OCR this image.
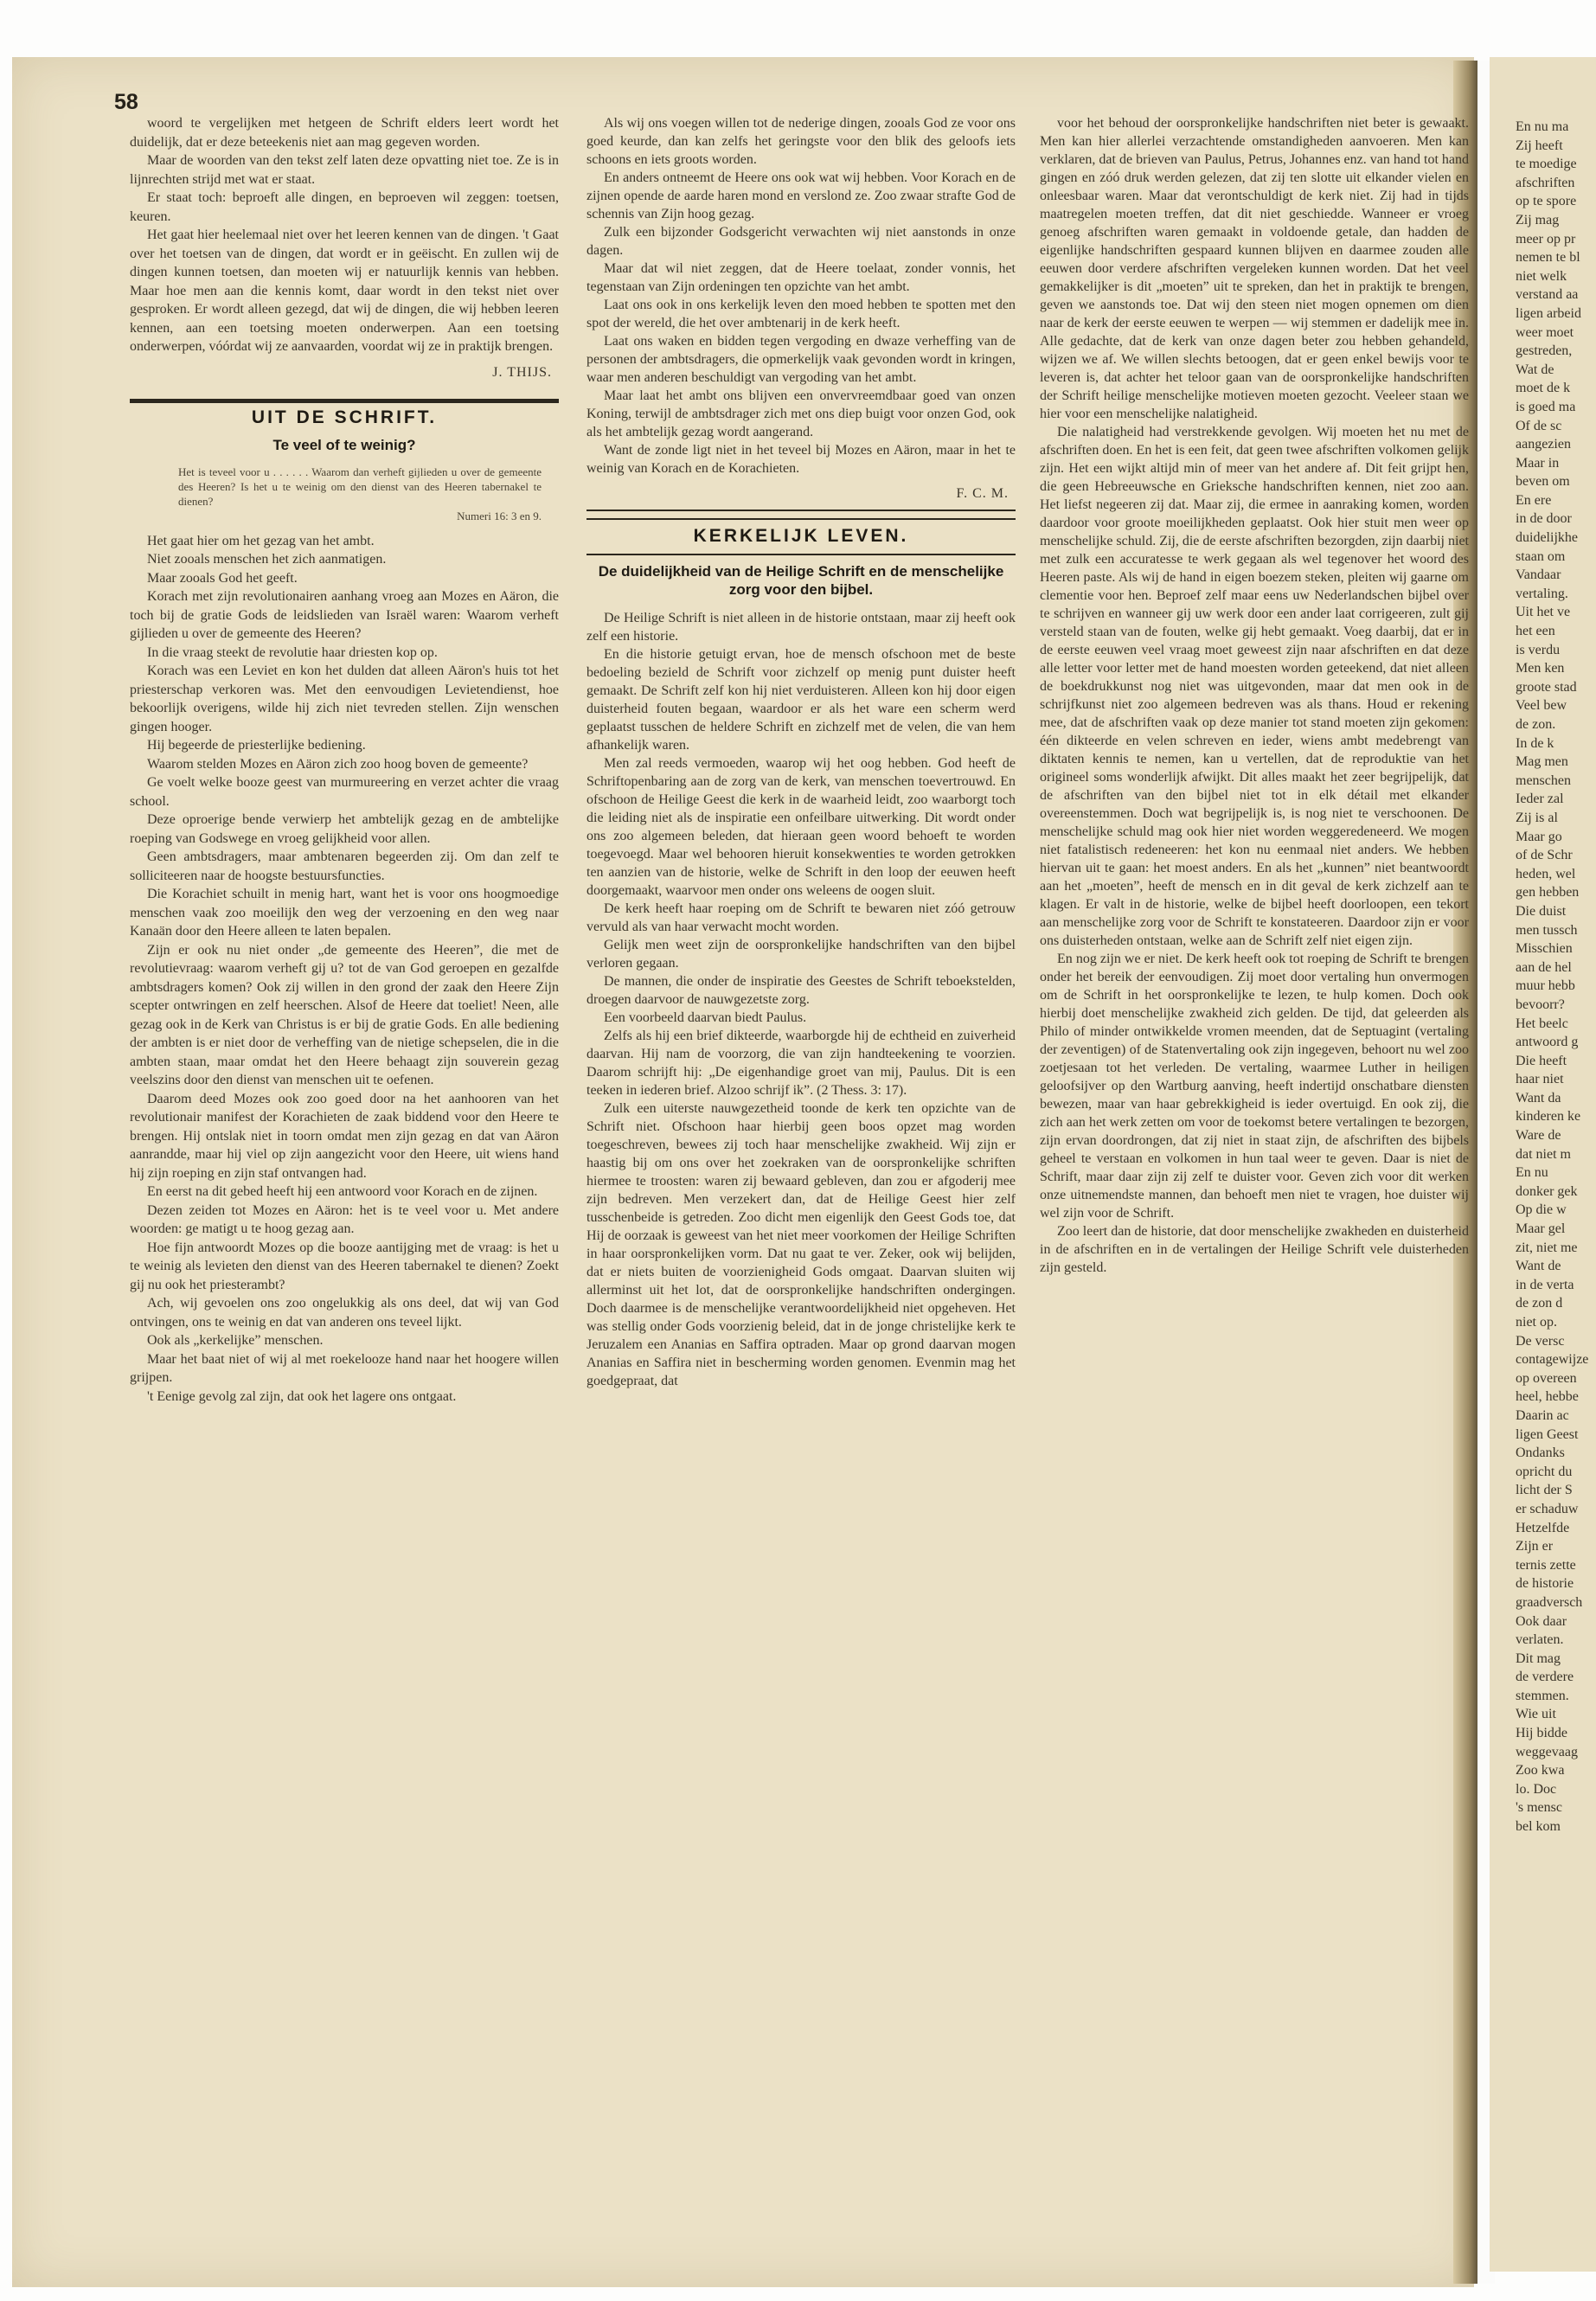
58

woord te vergelijken met hetgeen de Schrift elders leert wordt het duidelijk, dat er deze beteekenis niet aan mag gegeven worden.

Maar de woorden van den tekst zelf laten deze opvatting niet toe. Ze is in lijnrechten strijd met wat er staat.

Er staat toch: beproeft alle dingen, en beproeven wil zeggen: toetsen, keuren.

Het gaat hier heelemaal niet over het leeren kennen van de dingen. 't Gaat over het toetsen van de dingen, dat wordt er in geëischt. En zullen wij de dingen kunnen toetsen, dan moeten wij er natuurlijk kennis van hebben. Maar hoe men aan die kennis komt, daar wordt in den tekst niet over gesproken. Er wordt alleen gezegd, dat wij de dingen, die wij hebben leeren kennen, aan een toetsing moeten onderwerpen. Aan een toetsing onderwerpen, vóórdat wij ze aanvaarden, voordat wij ze in praktijk brengen.

J. THIJS.
UIT DE SCHRIFT.
Te veel of te weinig?
Het is teveel voor u . . . . . . Waarom dan verheft gijlieden u over de gemeente des Heeren? Is het u te weinig om den dienst van des Heeren tabernakel te dienen?
Numeri 16: 3 en 9.

Het gaat hier om het gezag van het ambt.

Niet zooals menschen het zich aanmatigen.

Maar zooals God het geeft.

Korach met zijn revolutionairen aanhang vroeg aan Mozes en Aäron, die toch bij de gratie Gods de leidslieden van Israël waren: Waarom verheft gijlieden u over de gemeente des Heeren?

In die vraag steekt de revolutie haar driesten kop op.

Korach was een Leviet en kon het dulden dat alleen Aäron's huis tot het priesterschap verkoren was. Met den eenvoudigen Levietendienst, hoe bekoorlijk overigens, wilde hij zich niet tevreden stellen. Zijn wenschen gingen hooger.

Hij begeerde de priesterlijke bediening.

Waarom stelden Mozes en Aäron zich zoo hoog boven de gemeente?

Ge voelt welke booze geest van murmureering en verzet achter die vraag school.

Deze oproerige bende verwierp het ambtelijk gezag en de ambtelijke roeping van Godswege en vroeg gelijkheid voor allen.

Geen ambtsdragers, maar ambtenaren begeerden zij. Om dan zelf te solliciteeren naar de hoogste bestuursfuncties.

Die Korachiet schuilt in menig hart, want het is voor ons hoogmoedige menschen vaak zoo moeilijk den weg der verzoening en den weg naar Kanaän door den Heere alleen te laten bepalen.

Zijn er ook nu niet onder „de gemeente des Heeren”, die met de revolutievraag: waarom verheft gij u? tot de van God geroepen en gezalfde ambtsdragers komen? Ook zij willen in den grond der zaak den Heere Zijn scepter ontwringen en zelf heerschen. Alsof de Heere dat toeliet! Neen, alle gezag ook in de Kerk van Christus is er bij de gratie Gods. En alle bediening der ambten is er niet door de verheffing van de nietige schepselen, die in die ambten staan, maar omdat het den Heere behaagt zijn souverein gezag veelszins door den dienst van menschen uit te oefenen.

Daarom deed Mozes ook zoo goed door na het aanhooren van het revolutionair manifest der Korachieten de zaak biddend voor den Heere te brengen. Hij ontslak niet in toorn omdat men zijn gezag en dat van Aäron aanrandde, maar hij viel op zijn aangezicht voor den Heere, uit wiens hand hij zijn roeping en zijn staf ontvangen had.

En eerst na dit gebed heeft hij een antwoord voor Korach en de zijnen.

Dezen zeiden tot Mozes en Aäron: het is te veel voor u. Met andere woorden: ge matigt u te hoog gezag aan.

Hoe fijn antwoordt Mozes op die booze aantijging met de vraag: is het u te weinig als levieten den dienst van des Heeren tabernakel te dienen? Zoekt gij nu ook het priesterambt?

Ach, wij gevoelen ons zoo ongelukkig als ons deel, dat wij van God ontvingen, ons te weinig en dat van anderen ons teveel lijkt.

Ook als „kerkelijke” menschen.

Maar het baat niet of wij al met roekelooze hand naar het hoogere willen grijpen.

't Eenige gevolg zal zijn, dat ook het lagere ons ontgaat.

Als wij ons voegen willen tot de nederige dingen, zooals God ze voor ons goed keurde, dan kan zelfs het geringste voor den blik des geloofs iets schoons en iets groots worden.

En anders ontneemt de Heere ons ook wat wij hebben. Voor Korach en de zijnen opende de aarde haren mond en verslond ze. Zoo zwaar strafte God de schennis van Zijn hoog gezag.

Zulk een bijzonder Godsgericht verwachten wij niet aanstonds in onze dagen.

Maar dat wil niet zeggen, dat de Heere toelaat, zonder vonnis, het tegenstaan van Zijn ordeningen ten opzichte van het ambt.

Laat ons ook in ons kerkelijk leven den moed hebben te spotten met den spot der wereld, die het over ambtenarij in de kerk heeft.

Laat ons waken en bidden tegen vergoding en dwaze verheffing van de personen der ambtsdragers, die opmerkelijk vaak gevonden wordt in kringen, waar men anderen beschuldigt van vergoding van het ambt.

Maar laat het ambt ons blijven een onvervreemdbaar goed van onzen Koning, terwijl de ambtsdrager zich met ons diep buigt voor onzen God, ook als het ambtelijk gezag wordt aangerand.

Want de zonde ligt niet in het teveel bij Mozes en Aäron, maar in het te weinig van Korach en de Korachieten.

F. C. M.
KERKELIJK LEVEN.
De duidelijkheid van de Heilige Schrift en de menschelijke zorg voor den bijbel.

De Heilige Schrift is niet alleen in de historie ontstaan, maar zij heeft ook zelf een historie.

En die historie getuigt ervan, hoe de mensch ofschoon met de beste bedoeling bezield de Schrift voor zichzelf op menig punt duister heeft gemaakt. De Schrift zelf kon hij niet verduisteren. Alleen kon hij door eigen duisterheid fouten begaan, waardoor er als het ware een scherm werd geplaatst tusschen de heldere Schrift en zichzelf met de velen, die van hem afhankelijk waren.

Men zal reeds vermoeden, waarop wij het oog hebben. God heeft de Schriftopenbaring aan de zorg van de kerk, van menschen toevertrouwd. En ofschoon de Heilige Geest die kerk in de waarheid leidt, zoo waarborgt toch die leiding niet als de inspiratie een onfeilbare uitwerking. Dit wordt onder ons zoo algemeen beleden, dat hieraan geen woord behoeft te worden toegevoegd. Maar wel behooren hieruit konsekwenties te worden getrokken ten aanzien van de historie, welke de Schrift in den loop der eeuwen heeft doorgemaakt, waarvoor men onder ons weleens de oogen sluit.

De kerk heeft haar roeping om de Schrift te bewaren niet zóó getrouw vervuld als van haar verwacht mocht worden.

Gelijk men weet zijn de oorspronkelijke handschriften van den bijbel verloren gegaan.

De mannen, die onder de inspiratie des Geestes de Schrift teboekstelden, droegen daarvoor de nauwgezetste zorg.

Een voorbeeld daarvan biedt Paulus.

Zelfs als hij een brief dikteerde, waarborgde hij de echtheid en zuiverheid daarvan. Hij nam de voorzorg, die van zijn handteekening te voorzien. Daarom schrijft hij: „De eigenhandige groet van mij, Paulus. Dit is een teeken in iederen brief. Alzoo schrijf ik”. (2 Thess. 3: 17).

Zulk een uiterste nauwgezetheid toonde de kerk ten opzichte van de Schrift niet. Ofschoon haar hierbij geen boos opzet mag worden toegeschreven, bewees zij toch haar menschelijke zwakheid. Wij zijn er haastig bij om ons over het zoekraken van de oorspronkelijke schriften hiermee te troosten: waren zij bewaard gebleven, dan zou er afgoderij mee zijn bedreven. Men verzekert dan, dat de Heilige Geest hier zelf tusschenbeide is getreden. Zoo dicht men eigenlijk den Geest Gods toe, dat Hij de oorzaak is geweest van het niet meer voorkomen der Heilige Schriften in haar oorspronkelijken vorm. Dat nu gaat te ver. Zeker, ook wij belijden, dat er niets buiten de voorzienigheid Gods omgaat. Daarvan sluiten wij allerminst uit het lot, dat de oorspronkelijke handschriften ondergingen. Doch daarmee is de menschelijke verantwoordelijkheid niet opgeheven. Het was stellig onder Gods voorzienig beleid, dat in de jonge christelijke kerk te Jeruzalem een Ananias en Saffira optraden. Maar op grond daarvan mogen Ananias en Saffira niet in bescherming worden genomen. Evenmin mag het goedgepraat, dat

voor het behoud der oorspronkelijke handschriften niet beter is gewaakt. Men kan hier allerlei verzachtende omstandigheden aanvoeren. Men kan verklaren, dat de brieven van Paulus, Petrus, Johannes enz. van hand tot hand gingen en zóó druk werden gelezen, dat zij ten slotte uit elkander vielen en onleesbaar waren. Maar dat verontschuldigt de kerk niet. Zij had in tijds maatregelen moeten treffen, dat dit niet geschiedde. Wanneer er vroeg genoeg afschriften waren gemaakt in voldoende getale, dan hadden de eigenlijke handschriften gespaard kunnen blijven en daarmee zouden alle eeuwen door verdere afschriften vergeleken kunnen worden. Dat het veel gemakkelijker is dit „moeten” uit te spreken, dan het in praktijk te brengen, geven we aanstonds toe. Dat wij den steen niet mogen opnemen om dien naar de kerk der eerste eeuwen te werpen — wij stemmen er dadelijk mee in. Alle gedachte, dat de kerk van onze dagen beter zou hebben gehandeld, wijzen we af. We willen slechts betoogen, dat er geen enkel bewijs voor te leveren is, dat achter het teloor gaan van de oorspronkelijke handschriften der Schrift heilige menschelijke motieven moeten gezocht. Veeleer staan we hier voor een menschelijke nalatigheid.

Die nalatigheid had verstrekkende gevolgen. Wij moeten het nu met de afschriften doen. En het is een feit, dat geen twee afschriften volkomen gelijk zijn. Het een wijkt altijd min of meer van het andere af. Dit feit grijpt hen, die geen Hebreeuwsche en Grieksche handschriften kennen, niet zoo aan. Het liefst negeeren zij dat. Maar zij, die ermee in aanraking komen, worden daardoor voor groote moeilijkheden geplaatst. Ook hier stuit men weer op menschelijke schuld. Zij, die de eerste afschriften bezorgden, zijn daarbij niet met zulk een accuratesse te werk gegaan als wel tegenover het woord des Heeren paste. Als wij de hand in eigen boezem steken, pleiten wij gaarne om clementie voor hen. Beproef zelf maar eens uw Nederlandschen bijbel over te schrijven en wanneer gij uw werk door een ander laat corrigeeren, zult gij versteld staan van de fouten, welke gij hebt gemaakt. Voeg daarbij, dat er in de eerste eeuwen veel vraag moet geweest zijn naar afschriften en dat deze alle letter voor letter met de hand moesten worden geteekend, dat niet alleen de boekdrukkunst nog niet was uitgevonden, maar dat men ook in de schrijfkunst niet zoo algemeen bedreven was als thans. Houd er rekening mee, dat de afschriften vaak op deze manier tot stand moeten zijn gekomen: één dikteerde en velen schreven en ieder, wiens ambt medebrengt van diktaten kennis te nemen, kan u vertellen, dat de reproduktie van het origineel soms wonderlijk afwijkt. Dit alles maakt het zeer begrijpelijk, dat de afschriften van den bijbel niet tot in elk détail met elkander overeenstemmen. Doch wat begrijpelijk is, is nog niet te verschoonen. De menschelijke schuld mag ook hier niet worden weggeredeneerd. We mogen niet fatalistisch redeneeren: het kon nu eenmaal niet anders. We hebben hiervan uit te gaan: het moest anders. En als het „kunnen” niet beantwoordt aan het „moeten”, heeft de mensch en in dit geval de kerk zichzelf aan te klagen. Er valt in de historie, welke de bijbel heeft doorloopen, een tekort aan menschelijke zorg voor de Schrift te konstateeren. Daardoor zijn er voor ons duisterheden ontstaan, welke aan de Schrift zelf niet eigen zijn.

En nog zijn we er niet. De kerk heeft ook tot roeping de Schrift te brengen onder het bereik der eenvoudigen. Zij moet door vertaling hun onvermogen om de Schrift in het oorspronkelijke te lezen, te hulp komen. Doch ook hierbij doet menschelijke zwakheid zich gelden. De tijd, dat geleerden als Philo of minder ontwikkelde vromen meenden, dat de Septuagint (vertaling der zeventigen) of de Statenvertaling ook zijn ingegeven, behoort nu wel zoo zoetjesaan tot het verleden. De vertaling, waarmee Luther in heiligen geloofsijver op den Wartburg aanving, heeft indertijd onschatbare diensten bewezen, maar van haar gebrekkigheid is ieder overtuigd. En ook zij, die zich aan het werk zetten om voor de toekomst betere vertalingen te bezorgen, zijn ervan doordrongen, dat zij niet in staat zijn, de afschriften des bijbels geheel te verstaan en volkomen in hun taal weer te geven. Daar is niet de Schrift, maar daar zijn zij zelf te duister voor. Geven zich voor dit werken onze uitnemendste mannen, dan behoeft men niet te vragen, hoe duister wij wel zijn voor de Schrift.

Zoo leert dan de historie, dat door menschelijke zwakheden en duisterheid in de afschriften en in de vertalingen der Heilige Schrift vele duisterheden zijn gesteld.

En nu ma
Zij heeft
te moedige
afschriften
op te spore
Zij mag
meer op pr
nemen te bl
niet welk
verstand aa
ligen arbeid
weer moet
gestreden,
Wat de
moet de k
is goed ma
Of de sc
aangezien
Maar in
beven om
En ere
in de door
duidelijkhe
staan om
Vandaar
vertaling.
Uit het ve
het een
is verdu
Men ken
groote stad
Veel bew
de zon.
In de k
Mag men
menschen
Ieder zal
Zij is al
Maar go
of de Schr
heden, wel
gen hebben
Die duist
men tussch
Misschien
aan de hel
muur hebb
bevoorr?
Het beelc
antwoord g
Die heeft
haar niet
Want da
kinderen ke
Ware de
dat niet m
En nu
donker gek
Op die w
Maar gel
zit, niet me
Want de
in de verta
de zon d
niet op.
De versc
contagewijze
op overeen
heel, hebbe
Daarin ac
ligen Geest
Ondanks
opricht du
licht der S
er schaduw
Hetzelfde
Zijn er
ternis zette
de historie
graadversch
Ook daar
verlaten.
Dit mag
de verdere
stemmen.
Wie uit
Hij bidde
weggevaag
Zoo kwa
lo. Doc
's mensc
bel kom
